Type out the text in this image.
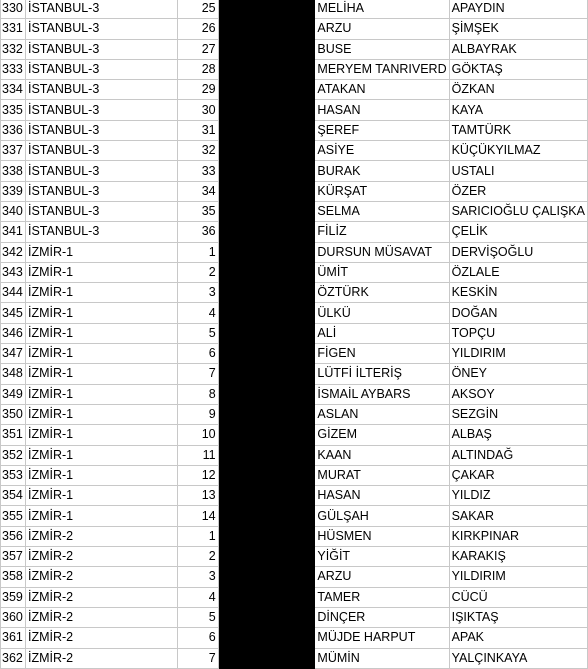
330	İSTANBUL-3	25		MELİHA	APAYDIN
331	İSTANBUL-3	26		ARZU	ŞİMŞEK
332	İSTANBUL-3	27		BUSE	ALBAYRAK
333	İSTANBUL-3	28		MERYEM TANRIVERD	GÖKTAŞ
334	İSTANBUL-3	29		ATAKAN	ÖZKAN
335	İSTANBUL-3	30		HASAN	KAYA
336	İSTANBUL-3	31		ŞEREF	TAMTÜRK
337	İSTANBUL-3	32		ASİYE	KÜÇÜKYILMAZ
338	İSTANBUL-3	33		BURAK	USTALI
339	İSTANBUL-3	34		KÜRŞAT	ÖZER
340	İSTANBUL-3	35		SELMA	SARICIOĞLU ÇALIŞKA
341	İSTANBUL-3	36		FİLİZ	ÇELİK
342	İZMİR-1	1		DURSUN MÜSAVAT	DERVİŞOĞLU
343	İZMİR-1	2		ÜMİT	ÖZLALE
344	İZMİR-1	3		ÖZTÜRK	KESKİN
345	İZMİR-1	4		ÜLKÜ	DOĞAN
346	İZMİR-1	5		ALİ	TOPÇU
347	İZMİR-1	6		FİGEN	YILDIRIM
348	İZMİR-1	7		LÜTFİ İLTERİŞ	ÖNEY
349	İZMİR-1	8		İSMAİL AYBARS	AKSOY
350	İZMİR-1	9		ASLAN	SEZGİN
351	İZMİR-1	10		GİZEM	ALBAŞ
352	İZMİR-1	11		KAAN	ALTINDAĞ
353	İZMİR-1	12		MURAT	ÇAKAR
354	İZMİR-1	13		HASAN	YILDIZ
355	İZMİR-1	14		GÜLŞAH	SAKAR
356	İZMİR-2	1		HÜSMEN	KIRKPINAR
357	İZMİR-2	2		YİĞİT	KARAKIŞ
358	İZMİR-2	3		ARZU	YILDIRIM
359	İZMİR-2	4		TAMER	CÜCÜ
360	İZMİR-2	5		DİNÇER	IŞIKTAŞ
361	İZMİR-2	6		MÜJDE HARPUT	APAK
362	İZMİR-2	7		MÜMİN	YALÇINKAYA
